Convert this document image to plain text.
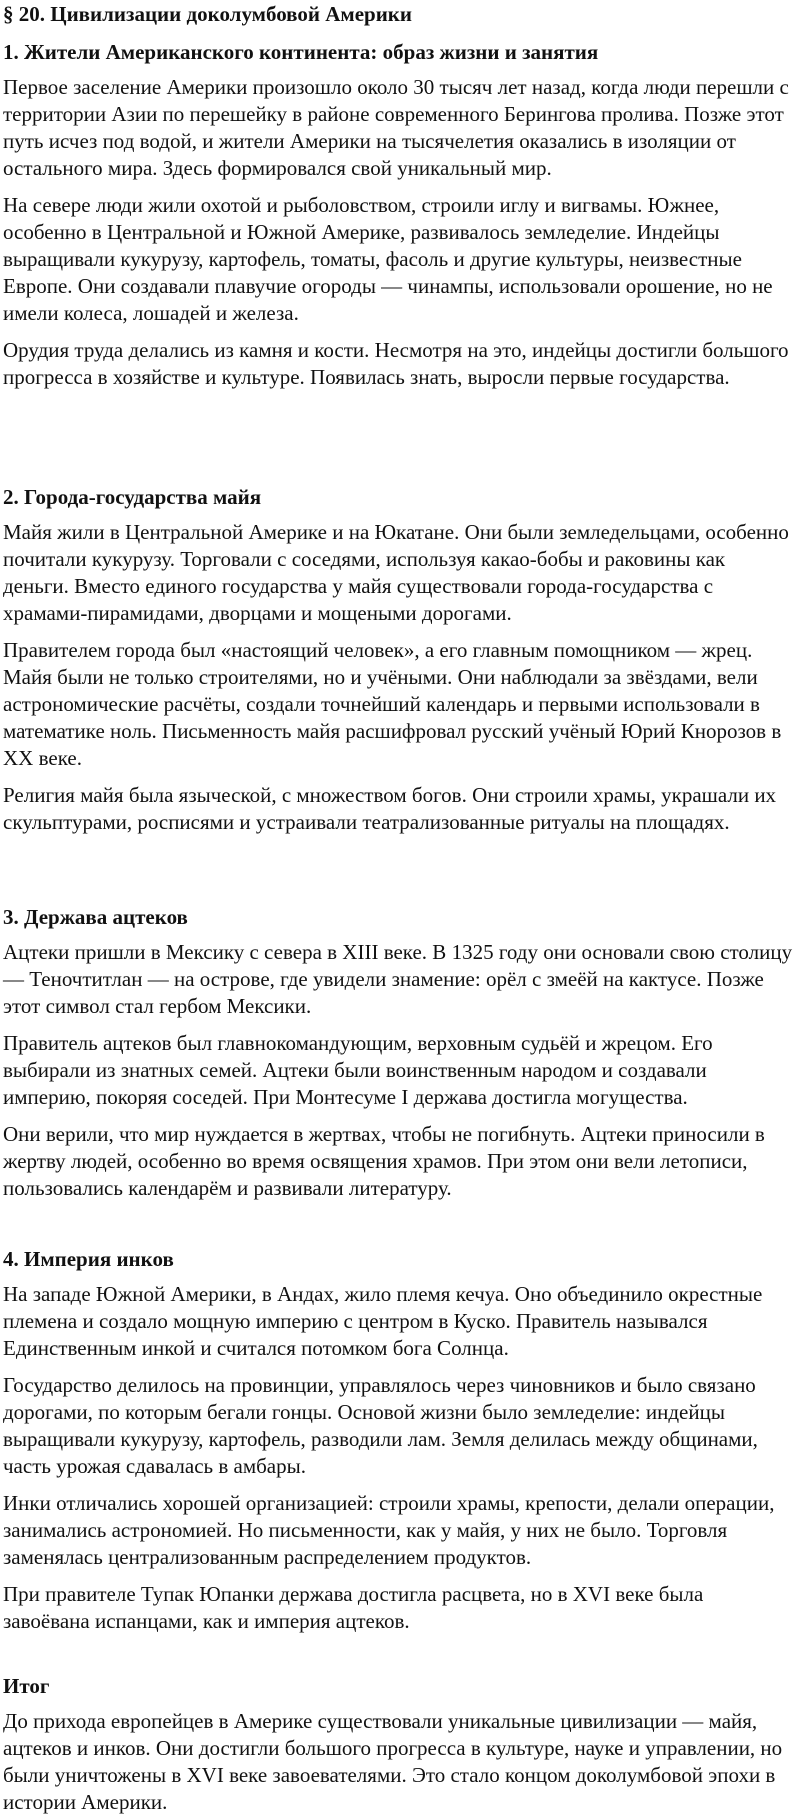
§ 20. Цивилизации доколумбовой Америки
1. Жители Американского континента: образ жизни и занятия

Первое заселение Америки произошло около 30 тысяч лет назад, когда люди перешли с территории Азии по перешейку в районе современного Берингова пролива. Позже этот путь исчез под водой, и жители Америки на тысячелетия оказались в изоляции от остального мира. Здесь формировался свой уникальный мир.

На севере люди жили охотой и рыболовством, строили иглу и вигвамы. Южнее, особенно в Центральной и Южной Америке, развивалось земледелие. Индейцы выращивали кукурузу, картофель, томаты, фасоль и другие культуры, неизвестные Европе. Они создавали плавучие огороды — чинампы, использовали орошение, но не имели колеса, лошадей и железа.

Орудия труда делались из камня и кости. Несмотря на это, индейцы достигли большого прогресса в хозяйстве и культуре. Появилась знать, выросли первые государства.

2. Города-государства майя

Майя жили в Центральной Америке и на Юкатане. Они были земледельцами, особенно почитали кукурузу. Торговали с соседями, используя какао-бобы и раковины как деньги. Вместо единого государства у майя существовали города-государства с храмами-пирамидами, дворцами и мощеными дорогами.

Правителем города был «настоящий человек», а его главным помощником — жрец. Майя были не только строителями, но и учёными. Они наблюдали за звёздами, вели астрономические расчёты, создали точнейший календарь и первыми использовали в математике ноль. Письменность майя расшифровал русский учёный Юрий Кнорозов в XX веке.

Религия майя была языческой, с множеством богов. Они строили храмы, украшали их скульптурами, росписями и устраивали театрализованные ритуалы на площадях.

3. Держава ацтеков

Ацтеки пришли в Мексику с севера в XIII веке. В 1325 году они основали свою столицу — Теночтитлан — на острове, где увидели знамение: орёл с змеёй на кактусе. Позже этот символ стал гербом Мексики.

Правитель ацтеков был главнокомандующим, верховным судьёй и жрецом. Его выбирали из знатных семей. Ацтеки были воинственным народом и создавали империю, покоряя соседей. При Монтесуме I держава достигла могущества.

Они верили, что мир нуждается в жертвах, чтобы не погибнуть. Ацтеки приносили в жертву людей, особенно во время освящения храмов. При этом они вели летописи, пользовались календарём и развивали литературу.

4. Империя инков

На западе Южной Америки, в Андах, жило племя кечуа. Оно объединило окрестные племена и создало мощную империю с центром в Куско. Правитель назывался Единственным инкой и считался потомком бога Солнца.

Государство делилось на провинции, управлялось через чиновников и было связано дорогами, по которым бегали гонцы. Основой жизни было земледелие: индейцы выращивали кукурузу, картофель, разводили лам. Земля делилась между общинами, часть урожая сдавалась в амбары.

Инки отличались хорошей организацией: строили храмы, крепости, делали операции, занимались астрономией. Но письменности, как у майя, у них не было. Торговля заменялась централизованным распределением продуктов.

При правителе Тупак Юпанки держава достигла расцвета, но в XVI веке была завоёвана испанцами, как и империя ацтеков.

Итог

До прихода европейцев в Америке существовали уникальные цивилизации — майя, ацтеков и инков. Они достигли большого прогресса в культуре, науке и управлении, но были уничтожены в XVI веке завоевателями. Это стало концом доколумбовой эпохи в истории Америки.
